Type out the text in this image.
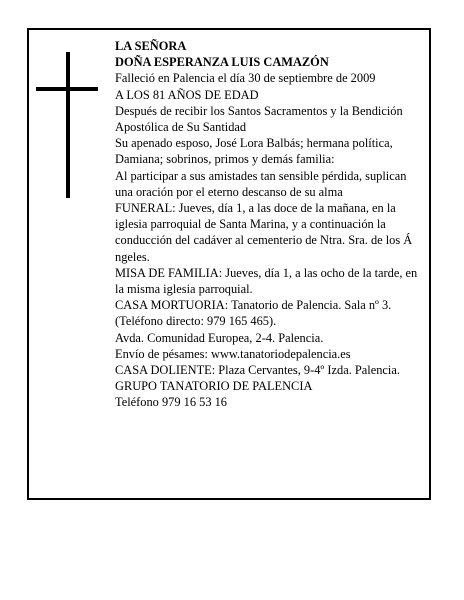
LA SEÑORA
DOÑA ESPERANZA LUIS CAMAZÓN
Falleció en Palencia el día 30 de septiembre de 2009
A LOS 81 AÑOS DE EDAD
Después de recibir los Santos Sacramentos y la Bendición Apostólica de Su Santidad
Su apenado esposo, José Lora Balbás; hermana política, Damiana; sobrinos, primos y demás familia:
Al participar a sus amistades tan sensible pérdida, suplican una oración por el eterno descanso de su alma
FUNERAL: Jueves, día 1, a las doce de la mañana, en la iglesia parroquial de Santa Marina, y a continuación la conducción del cadáver al cementerio de Ntra. Sra. de los Á ngeles.
MISA DE FAMILIA: Jueves, día 1, a las ocho de la tarde, en la misma iglesia parroquial.
CASA MORTUORIA: Tanatorio de Palencia. Sala nº 3. (Teléfono directo: 979 165 465).
Avda. Comunidad Europea, 2-4. Palencia.
Envío de pésames: www.tanatoriodepalencia.es
CASA DOLIENTE: Plaza Cervantes, 9-4º Izda. Palencia.
GRUPO TANATORIO DE PALENCIA
Teléfono 979 16 53 16
